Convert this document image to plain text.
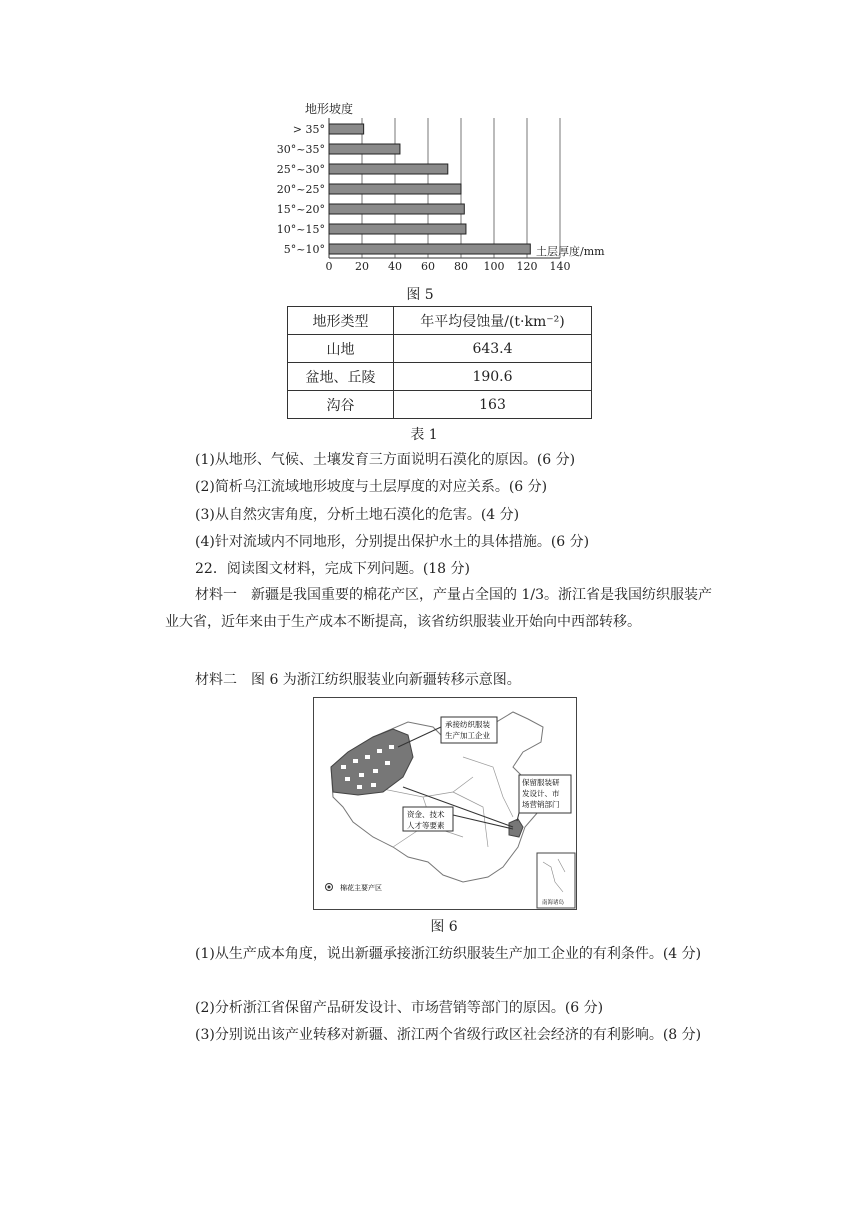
地形坡度
> 35°
30°~35°
25°~30°
20°~25°
15°~20°
10°~15°
5°~10°
0 20 40 60 80 100 120 140
土层厚度/mm
图 5
地形类型	年平均侵蚀量/(t·km⁻²)
山地	643.4
盆地、丘陵	190.6
沟谷	163
表 1
(1)从地形、气候、土壤发育三方面说明石漠化的原因。(6 分)
(2)简析乌江流域地形坡度与土层厚度的对应关系。(6 分)
(3)从自然灾害角度，分析土地石漠化的危害。(4 分)
(4)针对流域内不同地形，分别提出保护水土的具体措施。(6 分)
22．阅读图文材料，完成下列问题。(18 分)
材料一　新疆是我国重要的棉花产区，产量占全国的 1/3。浙江省是我国纺织服装产业大省，近年来由于生产成本不断提高，该省纺织服装业开始向中西部转移。
材料二　图 6 为浙江纺织服装业向新疆转移示意图。
承接纺织服装
生产加工企业
资金、技术
人才等要素
保留服装研
发设计、市
场营销部门
南海诸岛
棉花主要产区
图 6
(1)从生产成本角度，说出新疆承接浙江纺织服装生产加工企业的有利条件。(4 分)
(2)分析浙江省保留产品研发设计、市场营销等部门的原因。(6 分)
(3)分别说出该产业转移对新疆、浙江两个省级行政区社会经济的有利影响。(8 分)
